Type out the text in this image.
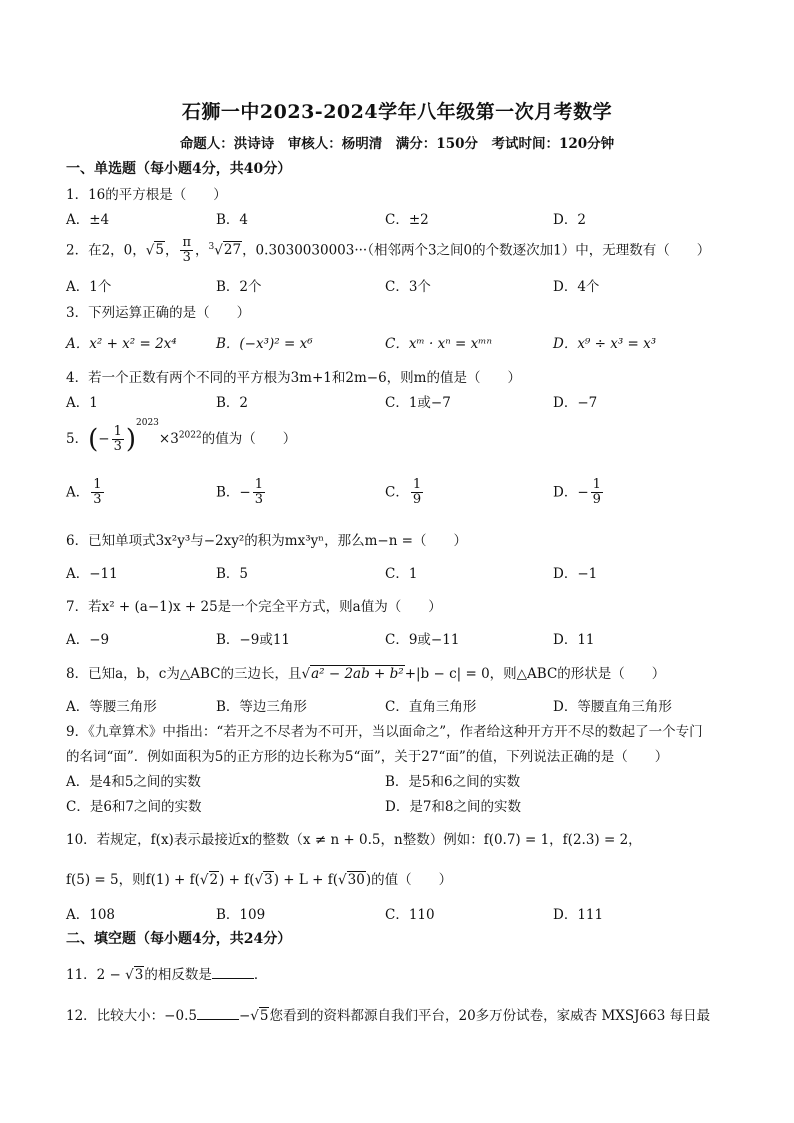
石狮一中2023-2024学年八年级第一次月考数学
命题人：洪诗诗　审核人：杨明清　满分：150分　考试时间：120分钟
一、单选题（每小题4分，共40分）
1．16的平方根是（　　）
A．±4	B．4	C．±2	D．2
2．在2，0，√5， $\frac{\pi}{3}$ ，$^3$√27，0.3030030003···（相邻两个3之间0的个数逐次加1）中，无理数有（　　）
A．1个	B．2个	C．3个	D．4个
3．下列运算正确的是（　　）
A．x² + x² = 2x⁴	B．(−x³)² = x⁶	C．xᵐ · xⁿ = xᵐⁿ	D．x⁹ ÷ x³ = x³
4．若一个正数有两个不同的平方根为3m+1和2m−6，则m的值是（　　）
A．1	B．2	C．1或−7	D．−7
5．(− $\frac{1}{3} )^{2023}\times 3^{2022}$的值为（　　）
A． $\frac{1}{3}$	B．− $\frac{1}{3}$	C． $\frac{1}{9}$	D．− $\frac{1}{9}$
6．已知单项式3x²y³与−2xy²的积为mx³yⁿ，那么m−n =（　　）
A．−11	B．5	C．1	D．−1
7．若x² + (a−1)x + 25是一个完全平方式，则a值为（　　）
A．−9	B．−9或11	C．9或−11	D．11
8．已知a，b，c为△ABC的三边长，且√a² − 2ab + b²+|b − c| = 0，则△ABC的形状是（　　）
A．等腰三角形	B．等边三角形	C．直角三角形	D．等腰直角三角形
9．《九章算术》中指出：“若开之不尽者为不可开，当以面命之”，作者给这种开方开不尽的数起了一个专门
的名词“面”．例如面积为5的正方形的边长称为5“面”，关于27“面”的值，下列说法正确的是（　　）
A．是4和5之间的实数	B．是5和6之间的实数
C．是6和7之间的实数	D．是7和8之间的实数
10．若规定，f(x)表示最接近x的整数（x ≠ n + 0.5，n整数）例如：f(0.7) = 1，f(2.3) = 2，
f(5) = 5，则f(1) + f(√2) + f(√3) + L + f(√30)的值（　　）
A．108	B．109	C．110	D．111
二、填空题（每小题4分，共24分）
11．2 − √3的相反数是	．
12．比较大小：−0.5	−√5您看到的资料都源自我们平台，20多万份试卷，家威杏 MXSJ663 每日最
